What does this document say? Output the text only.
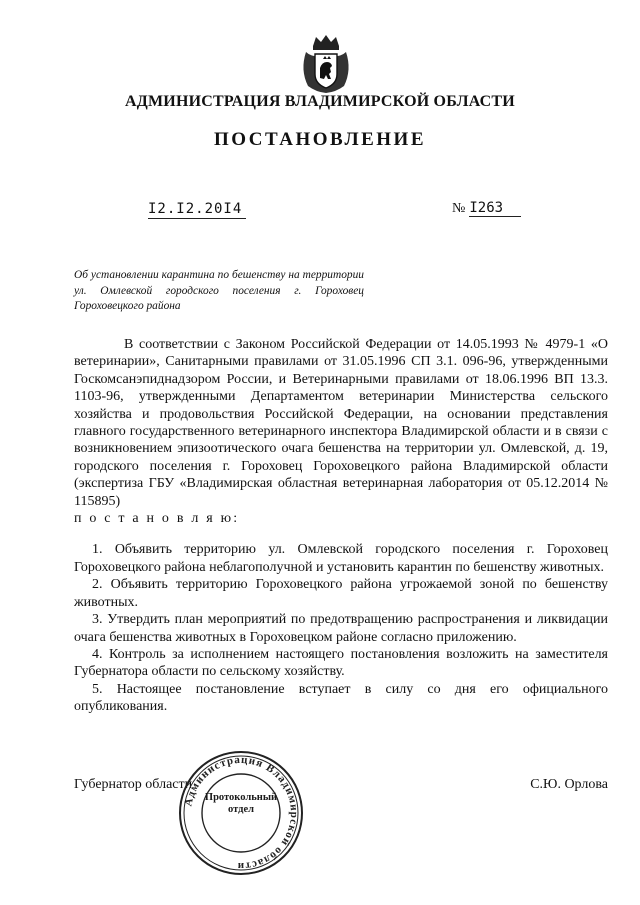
АДМИНИСТРАЦИЯ ВЛАДИМИРСКОЙ ОБЛАСТИ
ПОСТАНОВЛЕНИЕ
I2.I2.20I4	№ I263
Об установлении карантина по бешенству на территории ул. Омлевской городского поселения г. Гороховец Гороховецкого района

В соответствии с Законом Российской Федерации от 14.05.1993 № 4979-1 «О ветеринарии», Санитарными правилами от 31.05.1996 СП 3.1. 096-96, утвержденными Госкомсанэпиднадзором России, и Ветеринарными правилами от 18.06.1996 ВП 13.3. 1103-96, утвержденными Департаментом ветеринарии Министерства сельского хозяйства и продовольствия Российской Федерации, на основании представления главного государственного ветеринарного инспектора Владимирской области и в связи с возникновением эпизоотического очага бешенства на территории ул. Омлевской, д. 19, городского поселения г. Гороховец Гороховецкого района Владимирской области (экспертиза ГБУ «Владимирская областная ветеринарная лаборатория от 05.12.2014 № 115895)

п о с т а н о в л я ю:

1. Объявить территорию ул. Омлевской городского поселения г. Гороховец Гороховецкого района неблагополучной и установить карантин по бешенству животных.

2. Объявить территорию Гороховецкого района угрожаемой зоной по бешенству животных.

3. Утвердить план мероприятий по предотвращению распространения и ликвидации очага бешенства животных в Гороховецком районе согласно приложению.

4. Контроль за исполнением настоящего постановления возложить на заместителя Губернатора области по сельскому хозяйству.

5. Настоящее постановление вступает в силу со дня его официального опубликования.

Губернатор области	С.Ю. Орлова
Администрация Владимирской области
Протокольный
отдел
